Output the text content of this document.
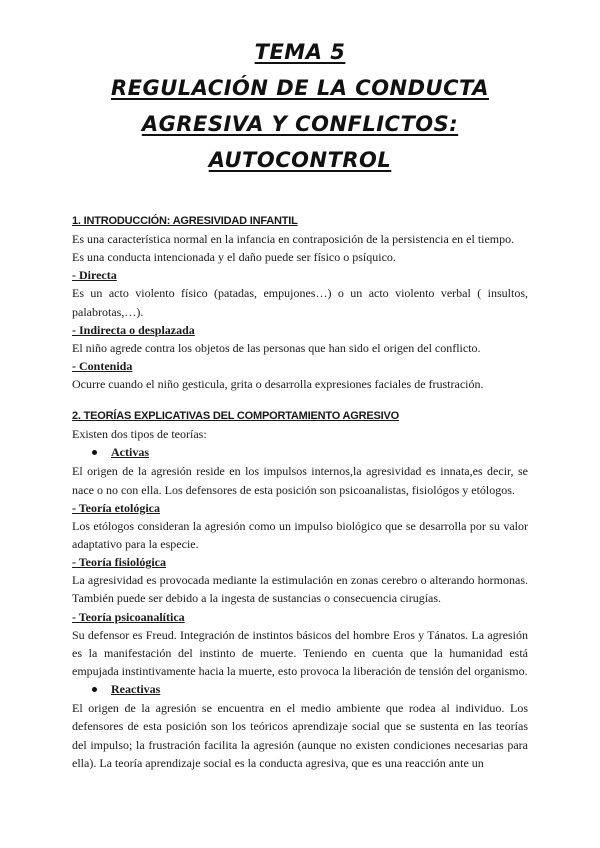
TEMA 5
REGULACIÓN DE LA CONDUCTA
AGRESIVA Y CONFLICTOS:
AUTOCONTROL
1. INTRODUCCIÓN: AGRESIVIDAD INFANTIL

Es una característica normal en la infancia en contraposición de la persistencia en el tiempo.

Es una conducta intencionada y el daño puede ser físico o psíquico.

- Directa

Es un acto violento físico (patadas, empujones…) o un acto violento verbal ( insultos, palabrotas,…).

- Indirecta o desplazada

El niño agrede contra los objetos de las personas que han sido el origen del conflicto.

- Contenida

Ocurre cuando el niño gesticula, grita o desarrolla expresiones faciales de frustración.

2. TEORÍAS EXPLICATIVAS DEL COMPORTAMIENTO AGRESIVO

Existen dos tipos de teorías:

Activas

El origen de la agresión reside en los impulsos internos,la agresividad es innata,es decir, se nace o no con ella. Los defensores de esta posición son psicoanalistas, fisiológos y etólogos.

- Teoría etológica

Los etólogos consideran la agresión como un impulso biológico que se desarrolla por su valor adaptativo para la especie.

- Teoría fisiológica

La agresividad es provocada mediante la estimulación en zonas cerebro o alterando hormonas. También puede ser debido a la ingesta de sustancias o consecuencia cirugías.

- Teoría psicoanalítica

Su defensor es Freud. Integración de instintos básicos del hombre Eros y Tánatos. La agresión es la manifestación del instinto de muerte. Teniendo en cuenta que la humanidad está empujada instintivamente hacia la muerte, esto provoca la liberación de tensión del organismo.

Reactivas

El origen de la agresión se encuentra en el medio ambiente que rodea al individuo. Los defensores de esta posición son los teóricos aprendizaje social que se sustenta en las teorías del impulso; la frustración facilita la agresión (aunque no existen condiciones necesarias para ella). La teoría aprendizaje social es la conducta agresiva, que es una reacción ante un
